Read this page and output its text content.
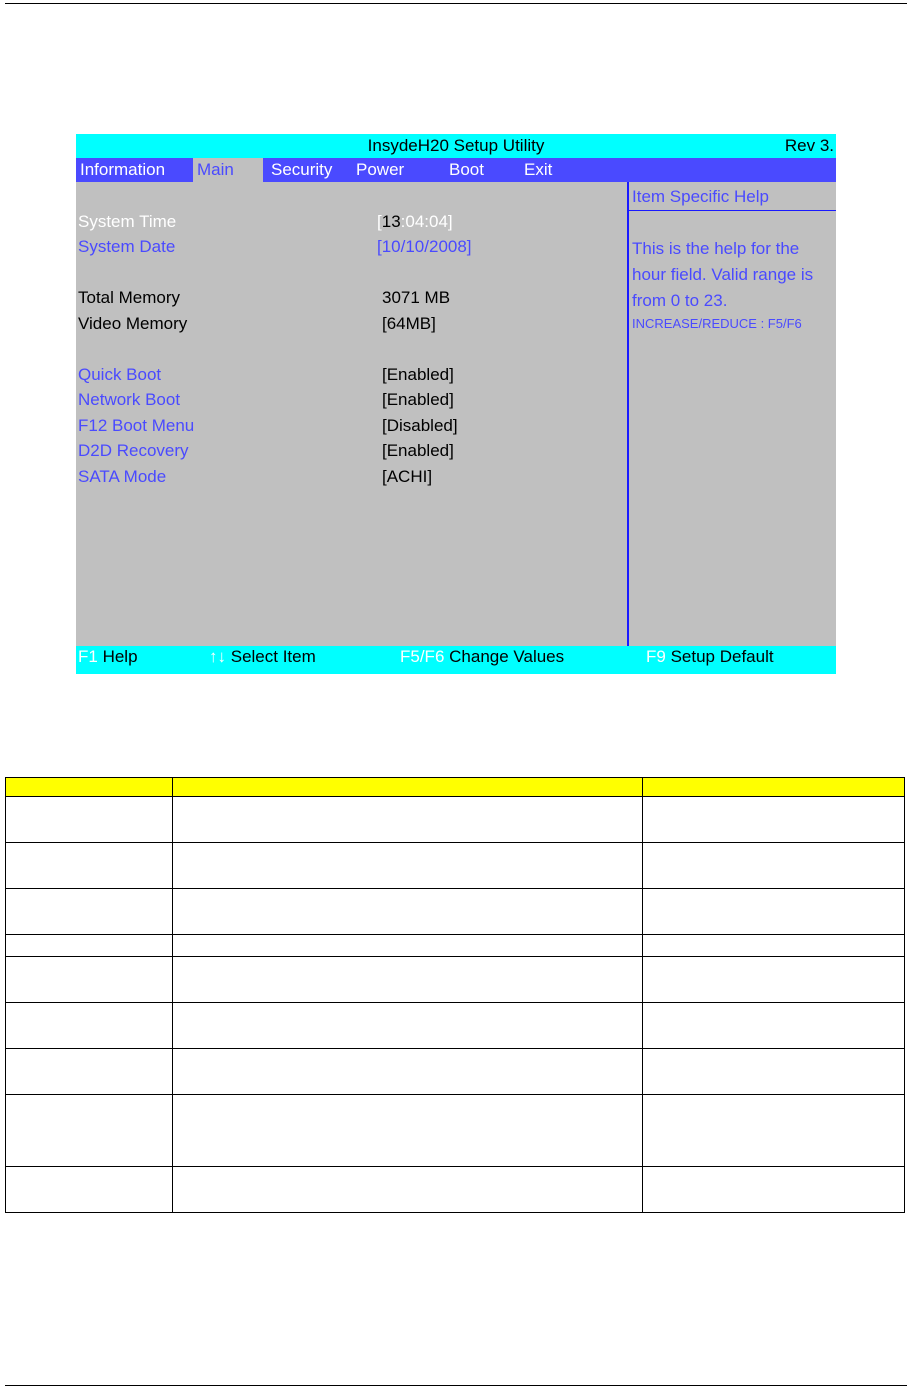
InsydeH20 Setup Utility	Rev 3.
Information Main	Security Power	Boot Exit
System Time	[13:04:04]
System Date	[10/10/2008]
Total Memory	3071 MB
Video Memory	[64MB]
Quick Boot	[Enabled]
Network Boot	[Enabled]
F12 Boot Menu	[Disabled]
D2D Recovery	[Enabled]
SATA Mode	[ACHI]
Item Specific Help
This is the help for the hour field. Valid range is from 0 to 23.
INCREASE/REDUCE : F5/F6
F1 Help	↑↓ Select Item	F5/F6 Change Values	F9 Setup Default
